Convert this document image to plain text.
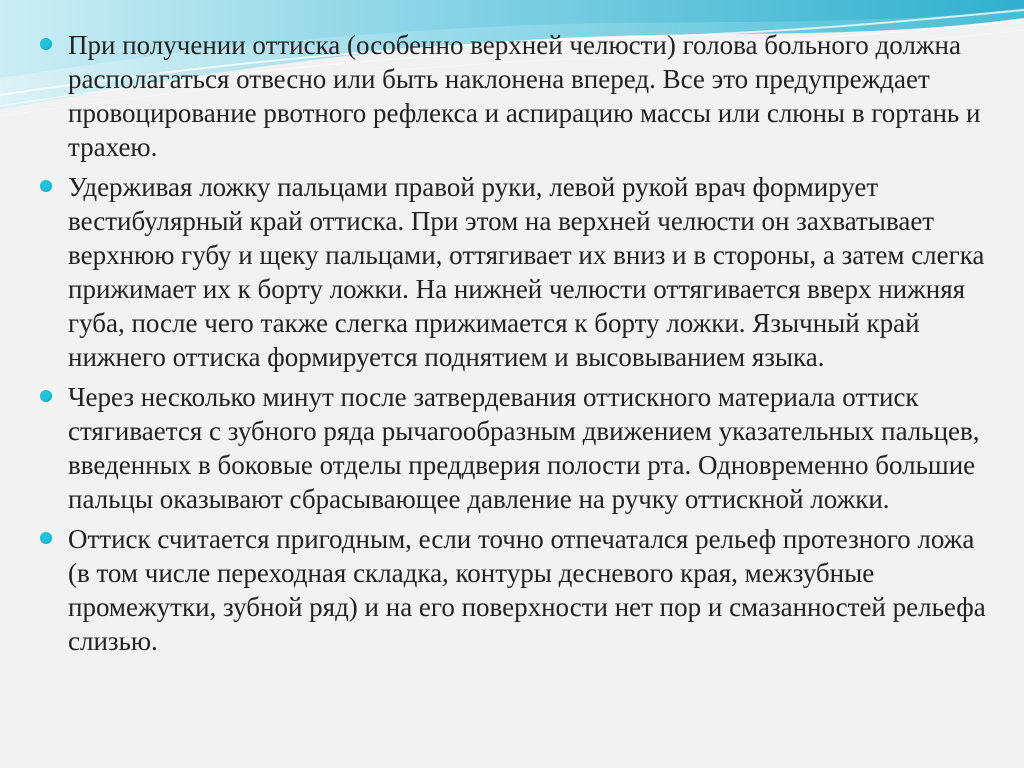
При получении оттиска (особенно верхней челюсти) голова больного должна располагаться отвесно или быть наклонена вперед. Все это предупреждает провоцирование рвотного рефлекса и аспирацию массы или слюны в гортань и трахею.
Удерживая ложку пальцами правой руки, левой рукой врач формирует вестибулярный край оттиска. При этом на верхней челюсти он захватывает верхнюю губу и щеку пальцами, оттягивает их вниз и в стороны, а затем слегка прижимает их к борту ложки. На нижней челюсти оттягивается вверх нижняя губа, после чего также слегка прижимается к борту ложки. Язычный край нижнего оттиска формируется поднятием и высовыванием языка.
Через несколько минут после затвердевания оттискного материала оттиск стягивается с зубного ряда рычагообразным движением указательных пальцев, введенных в боковые отделы преддверия полости рта. Одновременно большие пальцы оказывают сбрасывающее давление на ручку оттискной ложки.
Оттиск считается пригодным, если точно отпечатался рельеф протезного ложа (в том числе переходная складка, контуры десневого края, межзубные промежутки, зубной ряд) и на его поверхности нет пор и смазанностей рельефа слизью.
